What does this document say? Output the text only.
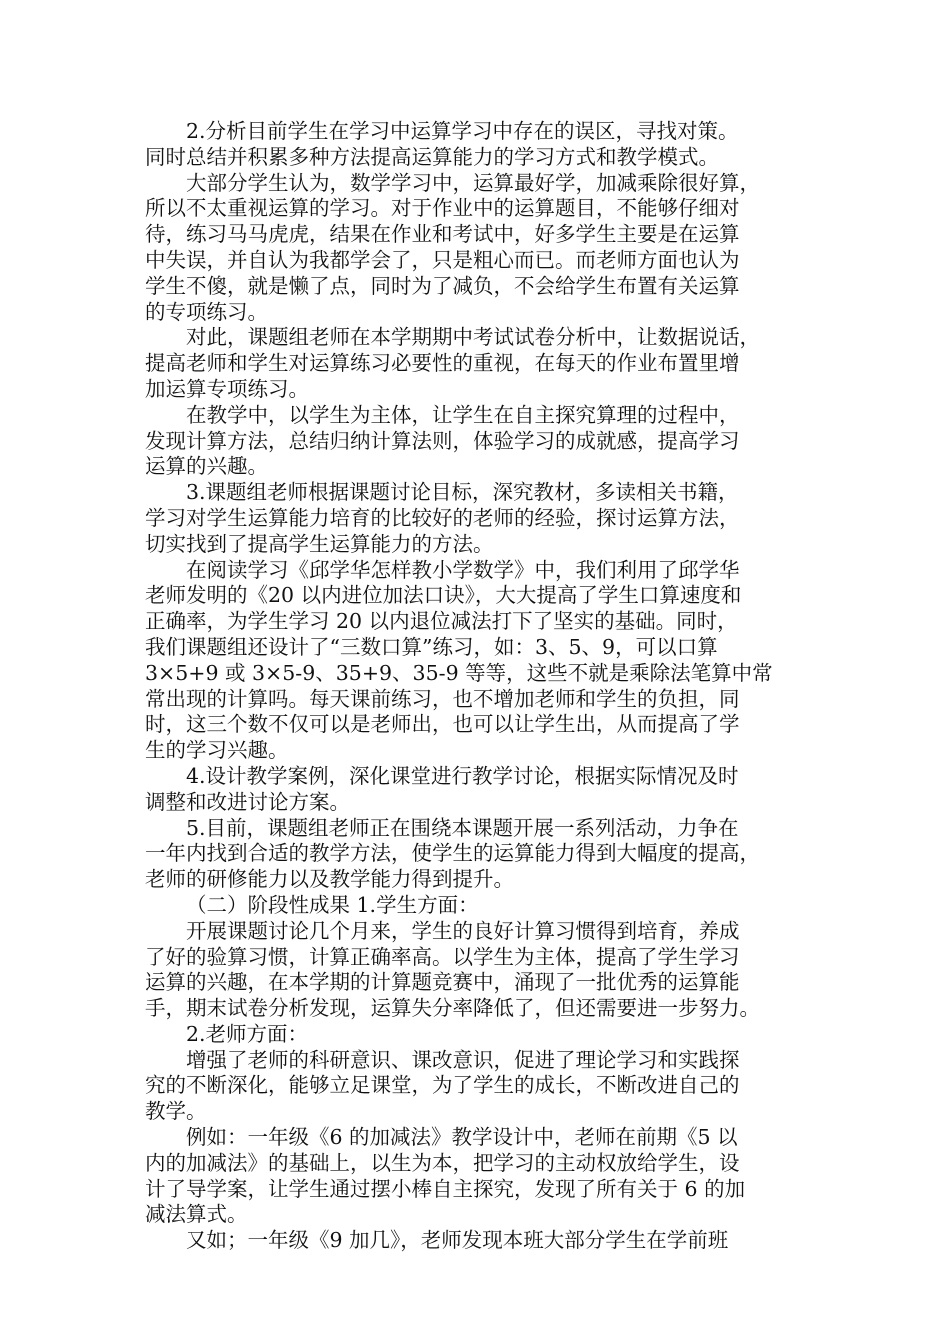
2.分析目前学生在学习中运算学习中存在的误区，寻找对策。
同时总结并积累多种方法提高运算能力的学习方式和教学模式。

大部分学生认为，数学学习中，运算最好学，加减乘除很好算，
所以不太重视运算的学习。对于作业中的运算题目，不能够仔细对
待，练习马马虎虎，结果在作业和考试中，好多学生主要是在运算
中失误，并自认为我都学会了，只是粗心而已。而老师方面也认为
学生不傻，就是懒了点，同时为了减负，不会给学生布置有关运算
的专项练习。

对此，课题组老师在本学期期中考试试卷分析中，让数据说话，
提高老师和学生对运算练习必要性的重视，在每天的作业布置里增
加运算专项练习。

在教学中，以学生为主体，让学生在自主探究算理的过程中，
发现计算方法，总结归纳计算法则，体验学习的成就感，提高学习
运算的兴趣。

3.课题组老师根据课题讨论目标，深究教材，多读相关书籍，
学习对学生运算能力培育的比较好的老师的经验，探讨运算方法，
切实找到了提高学生运算能力的方法。

在阅读学习《邱学华怎样教小学数学》中，我们利用了邱学华
老师发明的《20 以内进位加法口诀》，大大提高了学生口算速度和
正确率，为学生学习 20 以内退位减法打下了坚实的基础。同时，
我们课题组还设计了“三数口算”练习，如：3、5、9，可以口算
3×5+9 或 3×5-9、35+9、35-9 等等，这些不就是乘除法笔算中常
常出现的计算吗。每天课前练习，也不增加老师和学生的负担，同
时，这三个数不仅可以是老师出，也可以让学生出，从而提高了学
生的学习兴趣。

4.设计教学案例，深化课堂进行教学讨论，根据实际情况及时
调整和改进讨论方案。

5.目前，课题组老师正在围绕本课题开展一系列活动，力争在
一年内找到合适的教学方法，使学生的运算能力得到大幅度的提高，
老师的研修能力以及教学能力得到提升。

（二）阶段性成果 1.学生方面：

开展课题讨论几个月来，学生的良好计算习惯得到培育，养成
了好的验算习惯，计算正确率高。以学生为主体，提高了学生学习
运算的兴趣，在本学期的计算题竞赛中，涌现了一批优秀的运算能
手，期末试卷分析发现，运算失分率降低了，但还需要进一步努力。

2.老师方面：

增强了老师的科研意识、课改意识，促进了理论学习和实践探
究的不断深化，能够立足课堂，为了学生的成长，不断改进自己的
教学。

例如：一年级《6 的加减法》教学设计中，老师在前期《5 以
内的加减法》的基础上，以生为本，把学习的主动权放给学生，设
计了导学案，让学生通过摆小棒自主探究，发现了所有关于 6 的加
减法算式。

又如；一年级《9 加几》，老师发现本班大部分学生在学前班
